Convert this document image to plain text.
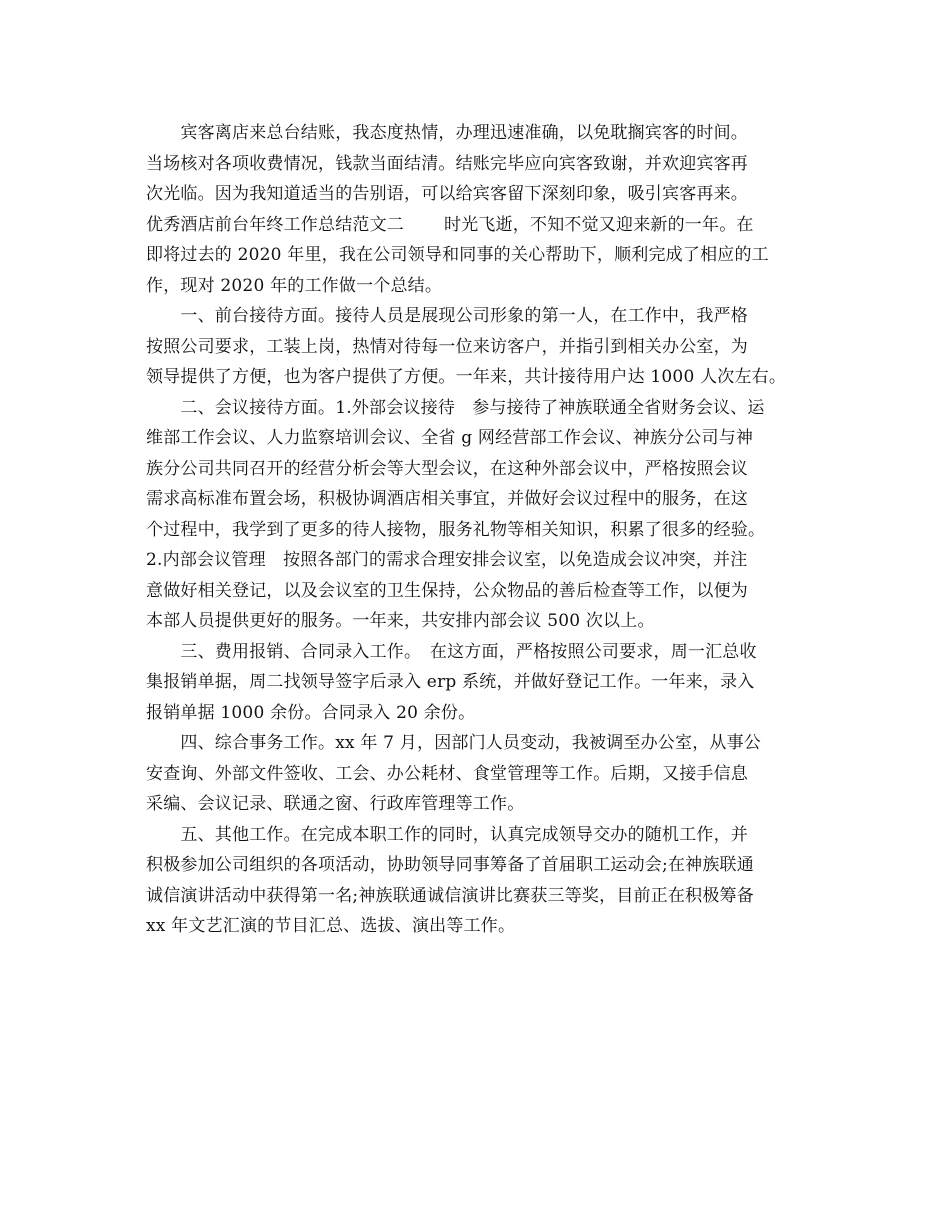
　　宾客离店来总台结账，我态度热情，办理迅速准确，以免耽搁宾客的时间。
当场核对各项收费情况，钱款当面结清。结账完毕应向宾客致谢，并欢迎宾客再
次光临。因为我知道适当的告别语，可以给宾客留下深刻印象，吸引宾客再来。
优秀酒店前台年终工作总结范文二　　 时光飞逝，不知不觉又迎来新的一年。在
即将过去的 2020 年里，我在公司领导和同事的关心帮助下，顺利完成了相应的工
作，现对 2020 年的工作做一个总结。
　　一、前台接待方面。接待人员是展现公司形象的第一人，在工作中，我严格
按照公司要求，工装上岗，热情对待每一位来访客户，并指引到相关办公室，为
领导提供了方便，也为客户提供了方便。一年来，共计接待用户达 1000 人次左右。
　　二、会议接待方面。1.外部会议接待　参与接待了神族联通全省财务会议、运
维部工作会议、人力监察培训会议、全省 g 网经营部工作会议、神族分公司与神
族分公司共同召开的经营分析会等大型会议，在这种外部会议中，严格按照会议
需求高标准布置会场，积极协调酒店相关事宜，并做好会议过程中的服务，在这
个过程中，我学到了更多的待人接物，服务礼物等相关知识，积累了很多的经验。
2.内部会议管理　按照各部门的需求合理安排会议室，以免造成会议冲突，并注
意做好相关登记，以及会议室的卫生保持，公众物品的善后检查等工作，以便为
本部人员提供更好的服务。一年来，共安排内部会议 500 次以上。
　　三、费用报销、合同录入工作。　在这方面，严格按照公司要求，周一汇总收
集报销单据，周二找领导签字后录入 erp 系统，并做好登记工作。一年来，录入
报销单据 1000 余份。合同录入 20 余份。
　　四、综合事务工作。xx 年 7 月，因部门人员变动，我被调至办公室，从事公
安查询、外部文件签收、工会、办公耗材、食堂管理等工作。后期，又接手信息
采编、会议记录、联通之窗、行政库管理等工作。
　　五、其他工作。在完成本职工作的同时，认真完成领导交办的随机工作，并
积极参加公司组织的各项活动，协助领导同事筹备了首届职工运动会;在神族联通
诚信演讲活动中获得第一名;神族联通诚信演讲比赛获三等奖，目前正在积极筹备
xx 年文艺汇演的节目汇总、选拔、演出等工作。
